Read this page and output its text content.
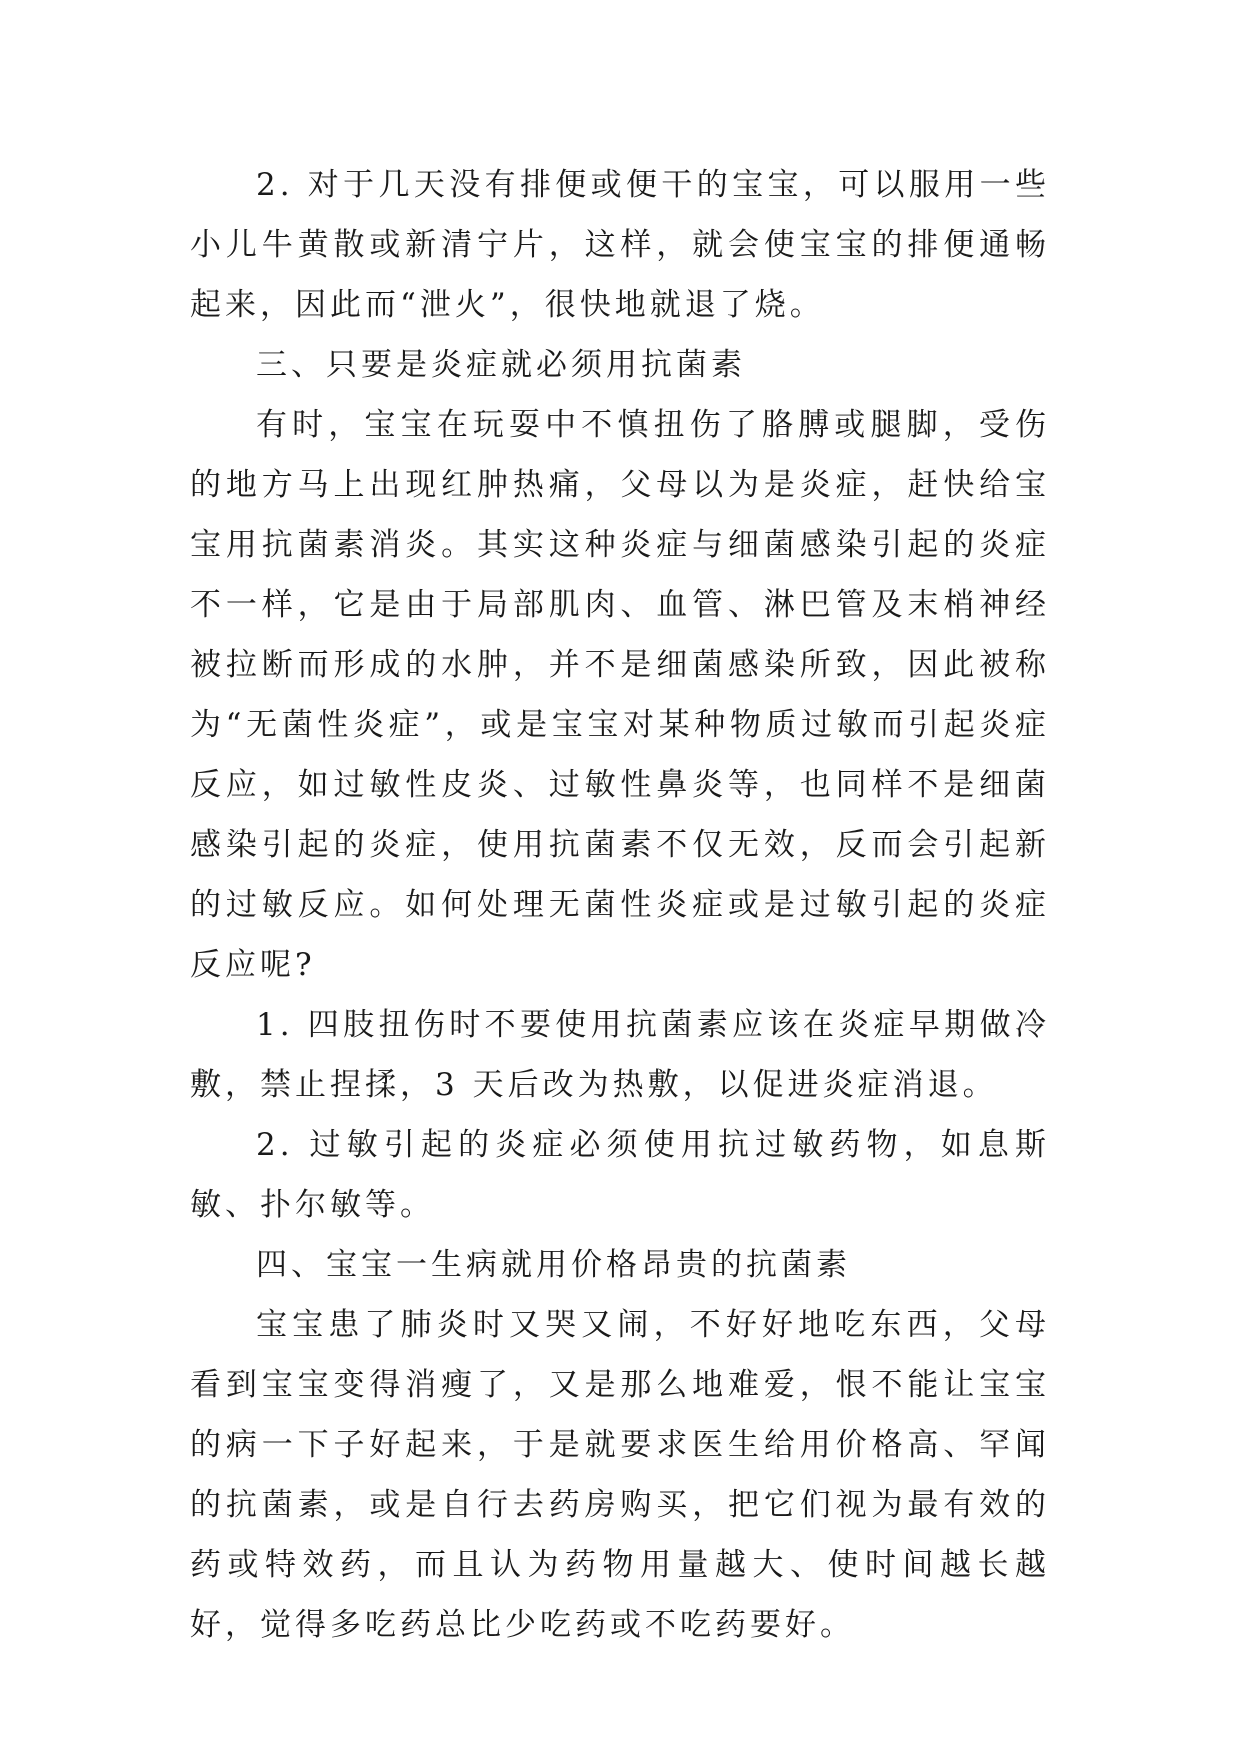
2. 对于几天没有排便或便干的宝宝，可以服用一些小儿牛黄散或新清宁片，这样，就会使宝宝的排便通畅起来，因此而“泄火”，很快地就退了烧。

三、只要是炎症就必须用抗菌素

有时，宝宝在玩耍中不慎扭伤了胳膊或腿脚，受伤的地方马上出现红肿热痛，父母以为是炎症，赶快给宝宝用抗菌素消炎。其实这种炎症与细菌感染引起的炎症不一样，它是由于局部肌肉、血管、淋巴管及末梢神经被拉断而形成的水肿，并不是细菌感染所致，因此被称为“无菌性炎症”，或是宝宝对某种物质过敏而引起炎症反应，如过敏性皮炎、过敏性鼻炎等，也同样不是细菌感染引起的炎症，使用抗菌素不仅无效，反而会引起新的过敏反应。如何处理无菌性炎症或是过敏引起的炎症反应呢?

1. 四肢扭伤时不要使用抗菌素应该在炎症早期做冷敷，禁止捏揉，3 天后改为热敷，以促进炎症消退。

2. 过敏引起的炎症必须使用抗过敏药物，如息斯敏、扑尔敏等。

四、宝宝一生病就用价格昂贵的抗菌素

宝宝患了肺炎时又哭又闹，不好好地吃东西，父母看到宝宝变得消瘦了，又是那么地难爱，恨不能让宝宝的病一下子好起来，于是就要求医生给用价格高、罕闻的抗菌素，或是自行去药房购买，把它们视为最有效的药或特效药，而且认为药物用量越大、使时间越长越好，觉得多吃药总比少吃药或不吃药要好。
